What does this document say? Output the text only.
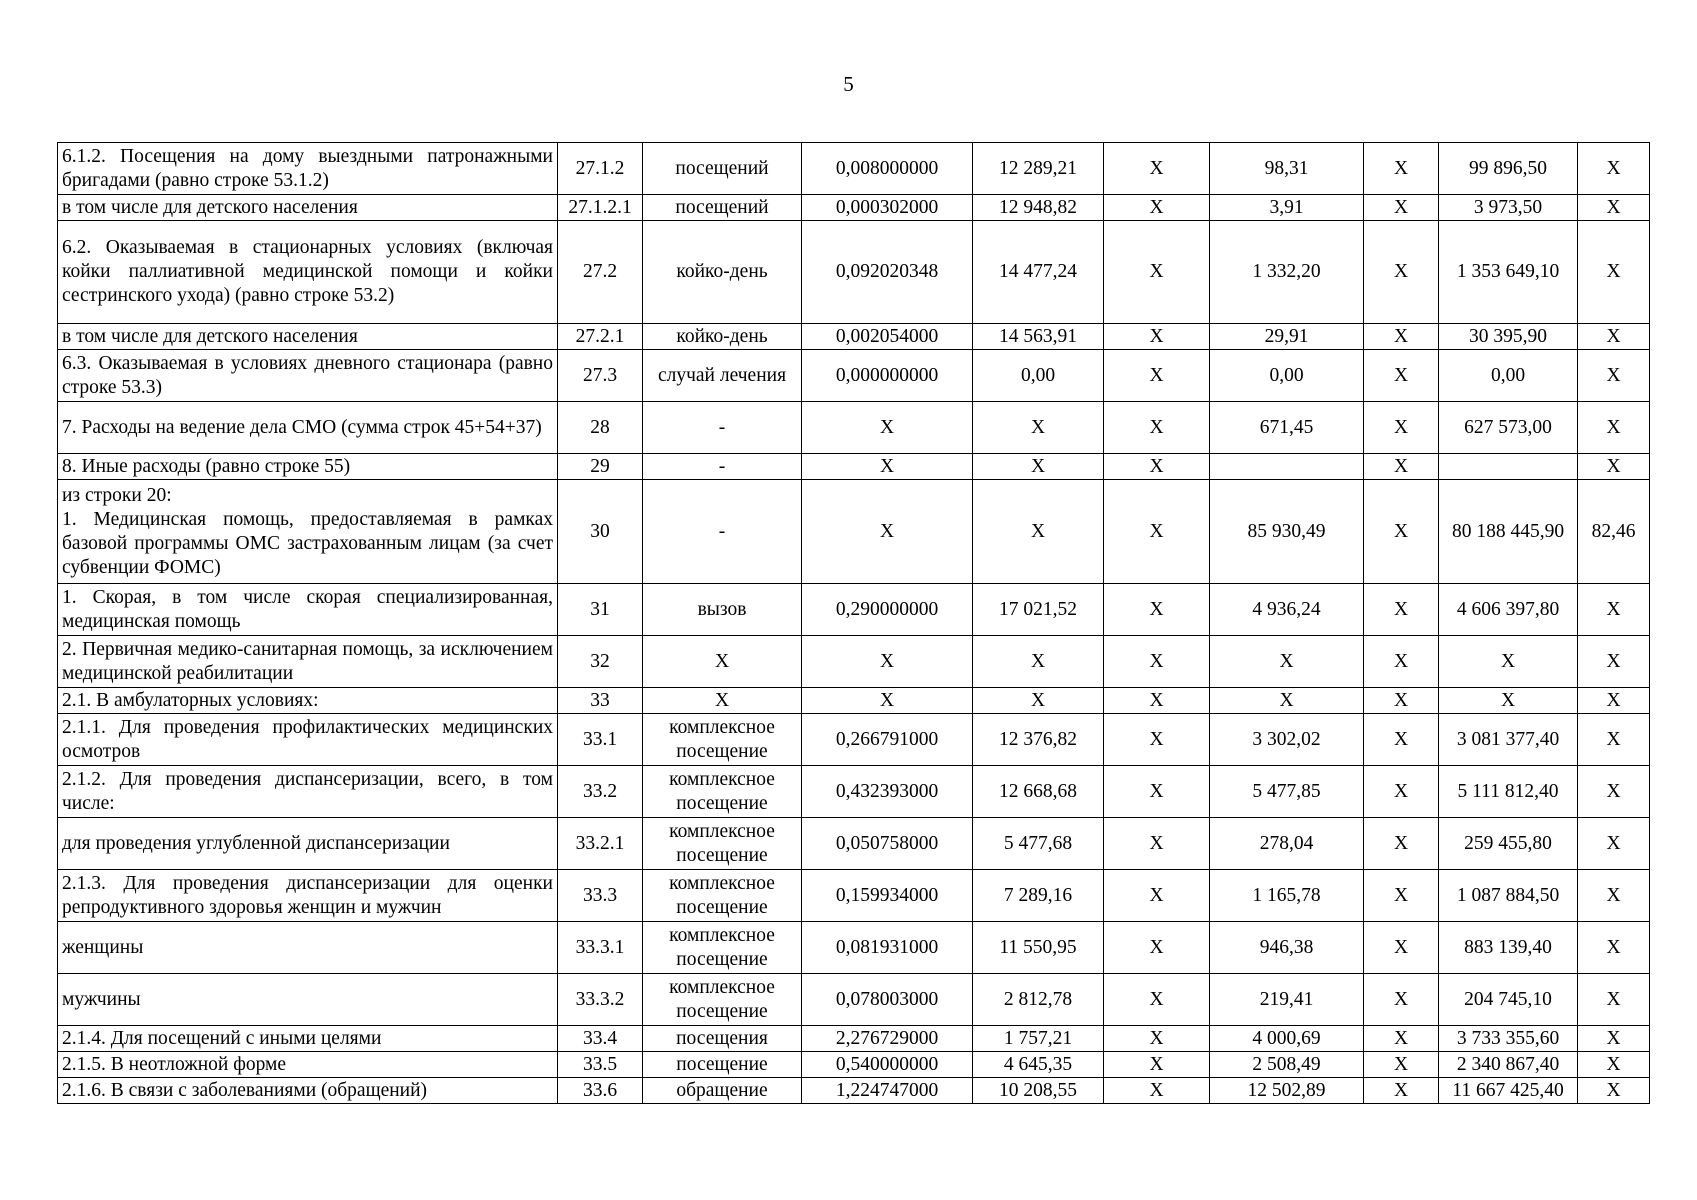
5
6.1.2. Посещения на дому выездными патронажными бригадами (равно строке 53.1.2)	27.1.2	посещений	0,008000000	12 289,21	Х	98,31	Х	99 896,50	Х
в том числе для детского населения	27.1.2.1	посещений	0,000302000	12 948,82	Х	3,91	Х	3 973,50	Х
6.2. Оказываемая в стационарных условиях (включая койки паллиативной медицинской помощи и койки сестринского ухода) (равно строке 53.2)	27.2	койко-день	0,092020348	14 477,24	Х	1 332,20	Х	1 353 649,10	Х
в том числе для детского населения	27.2.1	койко-день	0,002054000	14 563,91	Х	29,91	Х	30 395,90	Х
6.3. Оказываемая в условиях дневного стационара (равно строке 53.3)	27.3	случай лечения	0,000000000	0,00	Х	0,00	Х	0,00	Х
7. Расходы на ведение дела СМО (сумма строк 45+54+37)	28	-	Х	Х	Х	671,45	Х	627 573,00	Х
8. Иные расходы (равно строке 55)	29	-	Х	Х	Х		Х		Х
из строки 20:
1. Медицинская помощь, предоставляемая в рамках базовой программы ОМС застрахованным лицам (за счет субвенции ФОМС)	30	-	Х	Х	Х	85 930,49	Х	80 188 445,90	82,46
1. Скорая, в том числе скорая специализированная, медицинская помощь	31	вызов	0,290000000	17 021,52	Х	4 936,24	Х	4 606 397,80	Х
2. Первичная медико-санитарная помощь, за исключением медицинской реабилитации	32	Х	Х	Х	Х	Х	Х	Х	Х
2.1. В амбулаторных условиях:	33	Х	Х	Х	Х	Х	Х	Х	Х
2.1.1. Для проведения профилактических медицинских осмотров	33.1	комплексное посещение	0,266791000	12 376,82	Х	3 302,02	Х	3 081 377,40	Х
2.1.2. Для проведения диспансеризации, всего, в том числе:	33.2	комплексное посещение	0,432393000	12 668,68	Х	5 477,85	Х	5 111 812,40	Х
для проведения углубленной диспансеризации	33.2.1	комплексное посещение	0,050758000	5 477,68	Х	278,04	Х	259 455,80	Х
2.1.3. Для проведения диспансеризации для оценки репродуктивного здоровья женщин и мужчин	33.3	комплексное посещение	0,159934000	7 289,16	Х	1 165,78	Х	1 087 884,50	Х
женщины	33.3.1	комплексное посещение	0,081931000	11 550,95	Х	946,38	Х	883 139,40	Х
мужчины	33.3.2	комплексное посещение	0,078003000	2 812,78	Х	219,41	Х	204 745,10	Х
2.1.4. Для посещений с иными целями	33.4	посещения	2,276729000	1 757,21	Х	4 000,69	Х	3 733 355,60	Х
2.1.5. В неотложной форме	33.5	посещение	0,540000000	4 645,35	Х	2 508,49	Х	2 340 867,40	Х
2.1.6. В связи с заболеваниями (обращений)	33.6	обращение	1,224747000	10 208,55	Х	12 502,89	Х	11 667 425,40	Х
